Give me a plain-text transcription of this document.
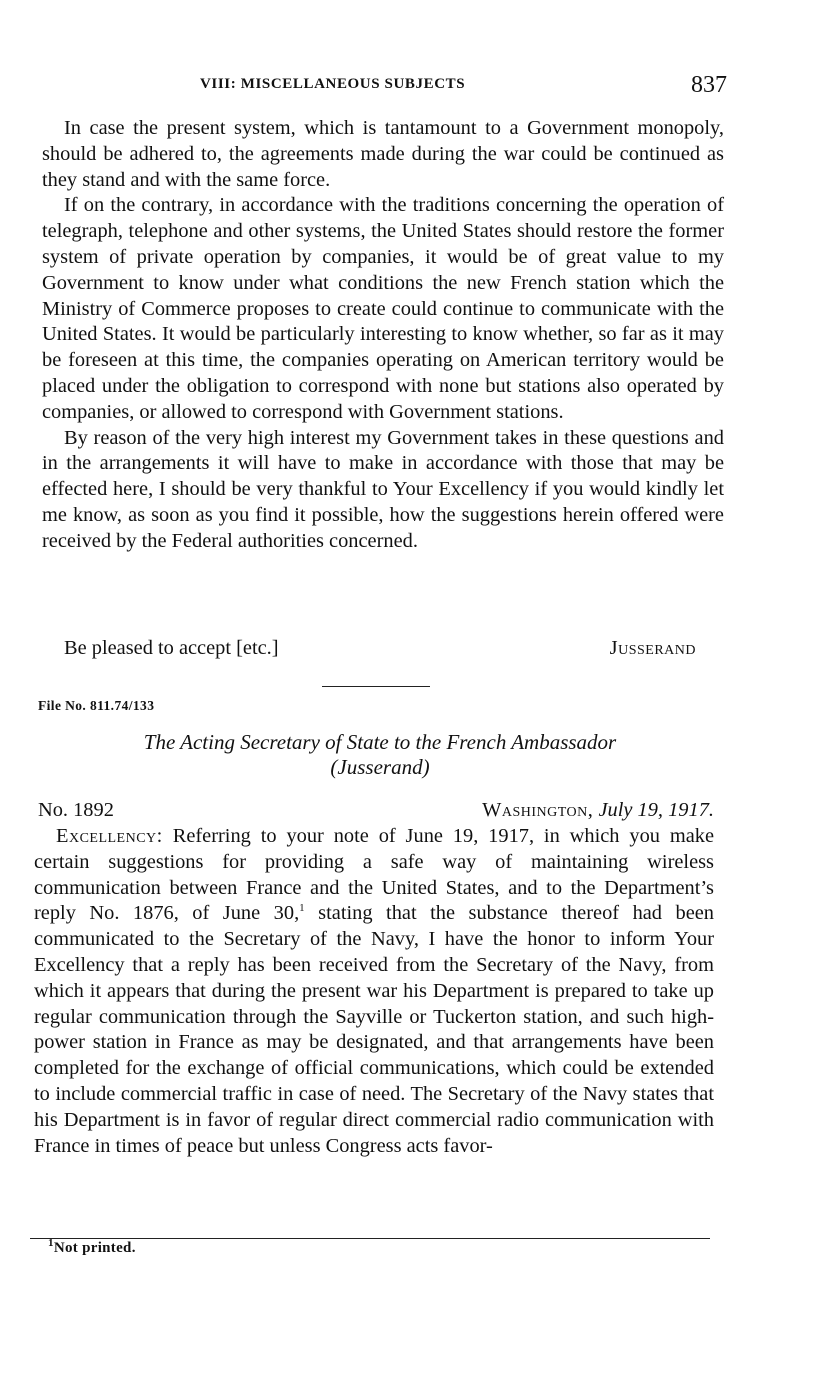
VIII: MISCELLANEOUS SUBJECTS	837

In case the present system, which is tantamount to a Government monopoly, should be adhered to, the agreements made during the war could be continued as they stand and with the same force.

If on the contrary, in accordance with the traditions concerning the operation of telegraph, telephone and other systems, the United States should restore the former system of private operation by companies, it would be of great value to my Government to know under what conditions the new French station which the Ministry of Commerce proposes to create could continue to communicate with the United States. It would be particularly interesting to know whether, so far as it may be foreseen at this time, the companies operating on American territory would be placed under the obligation to correspond with none but stations also operated by companies, or allowed to correspond with Government stations.

By reason of the very high interest my Government takes in these questions and in the arrangements it will have to make in accordance with those that may be effected here, I should be very thankful to Your Excellency if you would kindly let me know, as soon as you find it possible, how the suggestions herein offered were received by the Federal authorities concerned.

Be pleased to accept [etc.]	Jusserand
File No. 811.74/133
The Acting Secretary of State to the French Ambassador
(Jusserand)
No. 1892	Washington, July 19, 1917.

Excellency: Referring to your note of June 19, 1917, in which you make certain suggestions for providing a safe way of maintaining wireless communication between France and the United States, and to the Department’s reply No. 1876, of June 30,$^1$ stating that the substance thereof had been communicated to the Secretary of the Navy, I have the honor to inform Your Excellency that a reply has been received from the Secretary of the Navy, from which it appears that during the present war his Department is prepared to take up regular communication through the Sayville or Tuckerton station, and such high-power station in France as may be designated, and that arrangements have been completed for the exchange of official communications, which could be extended to include commercial traffic in case of need. The Secretary of the Navy states that his Department is in favor of regular direct commercial radio communication with France in times of peace but unless Congress acts favor-

$^1$Not printed.
